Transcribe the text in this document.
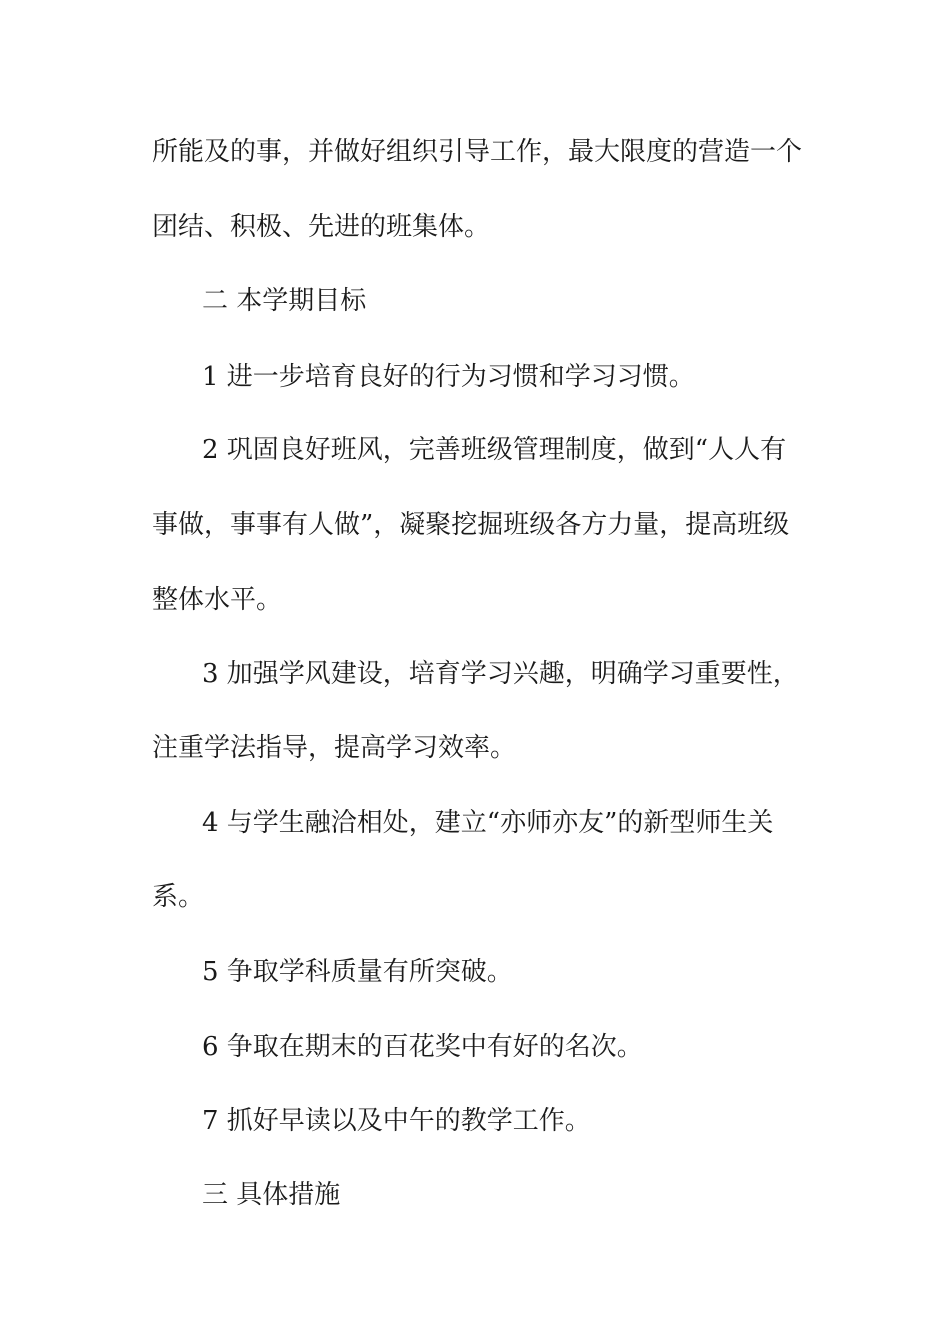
所能及的事，并做好组织引导工作，最大限度的营造一个
团结、积极、先进的班集体。
二 本学期目标
1 进一步培育良好的行为习惯和学习习惯。
2 巩固良好班风，完善班级管理制度，做到“人人有
事做，事事有人做”，凝聚挖掘班级各方力量，提高班级
整体水平。
3 加强学风建设，培育学习兴趣，明确学习重要性，
注重学法指导，提高学习效率。
4 与学生融洽相处，建立“亦师亦友”的新型师生关
系。
5 争取学科质量有所突破。
6 争取在期末的百花奖中有好的名次。
7 抓好早读以及中午的教学工作。
三 具体措施
